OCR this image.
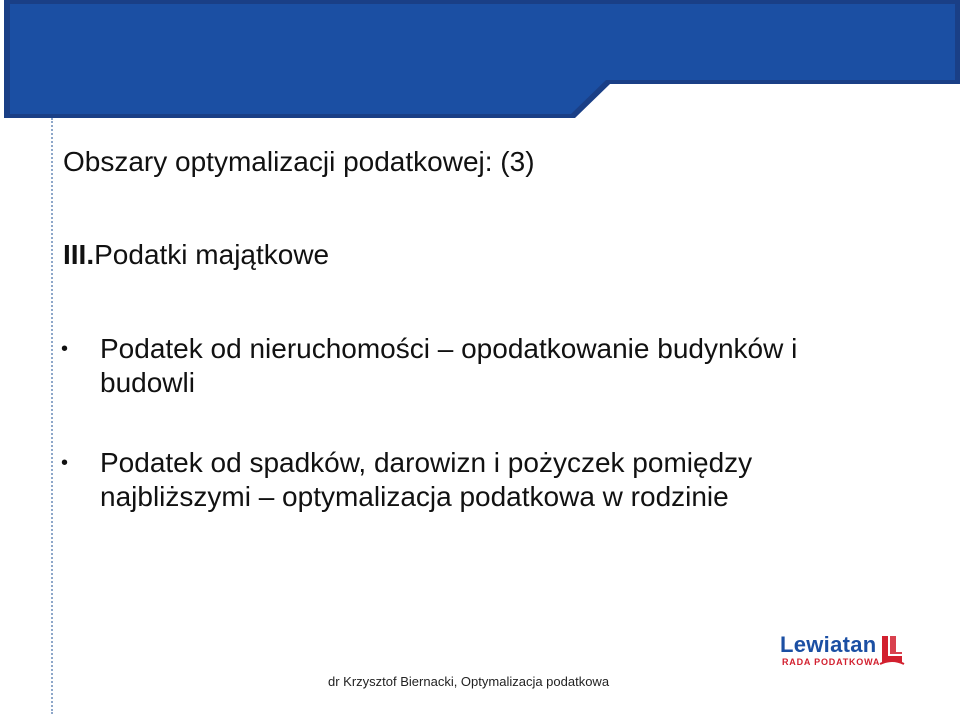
Obszary optymalizacji podatkowej: (3)
III.Podatki majątkowe
• Podatek od nieruchomości – opodatkowanie budynków i budowli
• Podatek od spadków, darowizn i pożyczek pomiędzy najbliższymi – optymalizacja podatkowa w rodzinie
Lewiatan
RADA PODATKOWA
dr Krzysztof Biernacki, Optymalizacja podatkowa
